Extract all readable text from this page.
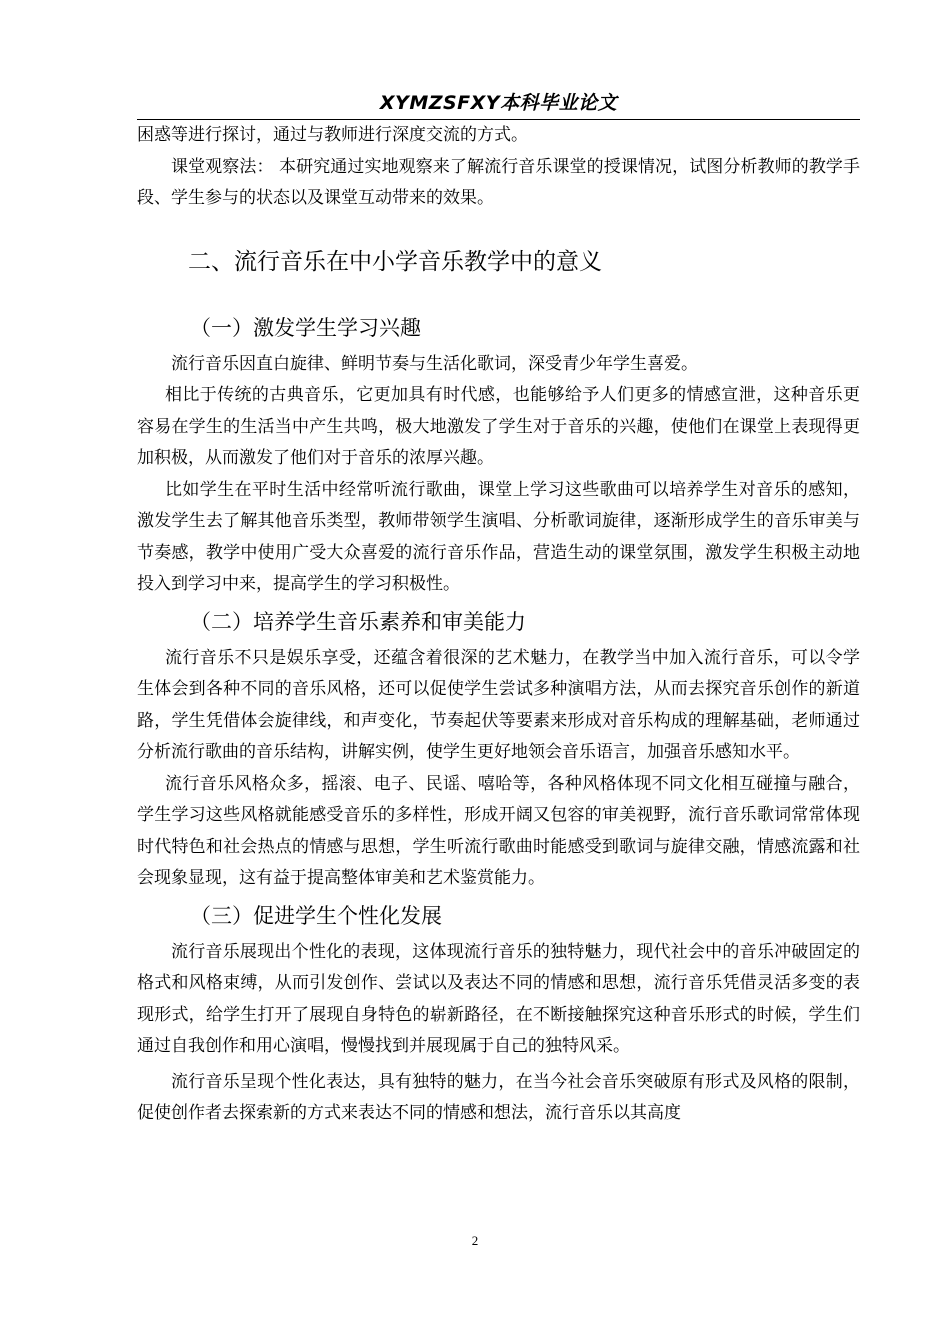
XYMZSFXY本科毕业论文

困惑等进行探讨，通过与教师进行深度交流的方式。

课堂观察法： 本研究通过实地观察来了解流行音乐课堂的授课情况，试图分析教师的教学手段、学生参与的状态以及课堂互动带来的效果。

二、流行音乐在中小学音乐教学中的意义
（一）激发学生学习兴趣

流行音乐因直白旋律、鲜明节奏与生活化歌词，深受青少年学生喜爱。

相比于传统的古典音乐，它更加具有时代感，也能够给予人们更多的情感宣泄，这种音乐更容易在学生的生活当中产生共鸣，极大地激发了学生对于音乐的兴趣，使他们在课堂上表现得更加积极，从而激发了他们对于音乐的浓厚兴趣。

比如学生在平时生活中经常听流行歌曲，课堂上学习这些歌曲可以培养学生对音乐的感知，激发学生去了解其他音乐类型，教师带领学生演唱、分析歌词旋律，逐渐形成学生的音乐审美与节奏感，教学中使用广受大众喜爱的流行音乐作品，营造生动的课堂氛围，激发学生积极主动地投入到学习中来，提高学生的学习积极性。

（二）培养学生音乐素养和审美能力

流行音乐不只是娱乐享受，还蕴含着很深的艺术魅力，在教学当中加入流行音乐，可以令学生体会到各种不同的音乐风格，还可以促使学生尝试多种演唱方法，从而去探究音乐创作的新道路，学生凭借体会旋律线，和声变化，节奏起伏等要素来形成对音乐构成的理解基础，老师通过分析流行歌曲的音乐结构，讲解实例，使学生更好地领会音乐语言，加强音乐感知水平。

流行音乐风格众多，摇滚、电子、民谣、嘻哈等，各种风格体现不同文化相互碰撞与融合，学生学习这些风格就能感受音乐的多样性，形成开阔又包容的审美视野，流行音乐歌词常常体现时代特色和社会热点的情感与思想，学生听流行歌曲时能感受到歌词与旋律交融，情感流露和社会现象显现，这有益于提高整体审美和艺术鉴赏能力。

（三）促进学生个性化发展

流行音乐展现出个性化的表现，这体现流行音乐的独特魅力，现代社会中的音乐冲破固定的格式和风格束缚，从而引发创作、尝试以及表达不同的情感和思想，流行音乐凭借灵活多变的表现形式，给学生打开了展现自身特色的崭新路径，在不断接触探究这种音乐形式的时候，学生们通过自我创作和用心演唱，慢慢找到并展现属于自己的独特风采。

流行音乐呈现个性化表达，具有独特的魅力，在当今社会音乐突破原有形式及风格的限制，促使创作者去探索新的方式来表达不同的情感和想法，流行音乐以其高度

2
